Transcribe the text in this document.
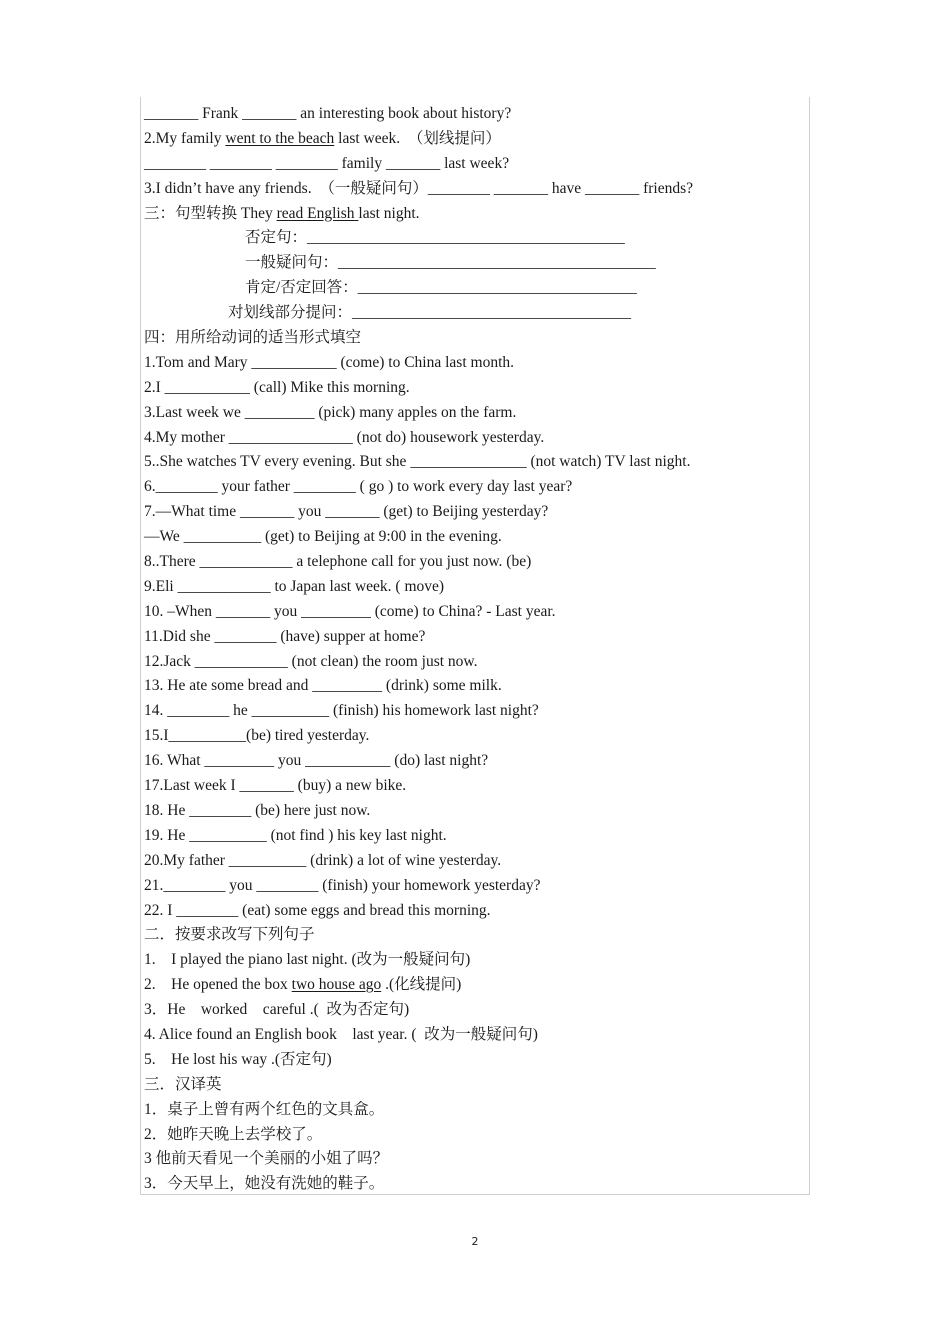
_______ Frank _______ an interesting book about history?
2.My family went to the beach last week.  （划线提问）
________ ________ ________ family _______ last week?
3.I didn’t have any friends.  （一般疑问句）________ _______ have _______ friends?
三：句型转换 They read English last night.
否定句：_________________________________________
一般疑问句：_________________________________________
肯定/否定回答：____________________________________
对划线部分提问：____________________________________
四：用所给动词的适当形式填空
1.Tom and Mary ___________ (come) to China last month.
2.I ___________ (call) Mike this morning.
3.Last week we _________ (pick) many apples on the farm.
4.My mother ________________ (not do) housework yesterday.
5..She watches TV every evening. But she _______________ (not watch) TV last night.
6.________ your father ________ ( go ) to work every day last year?
7.—What time _______ you _______ (get) to Beijing yesterday?
—We __________ (get) to Beijing at 9:00 in the evening.
8..There ____________ a telephone call for you just now. (be)
9.Eli ____________ to Japan last week. ( move)
10. –When _______ you _________ (come) to China? - Last year.
11.Did she ________ (have) supper at home?
12.Jack ____________ (not clean) the room just now.
13. He ate some bread and _________ (drink) some milk.
14. ________ he __________ (finish) his homework last night?
15.I__________(be) tired yesterday.
16. What _________ you ___________ (do) last night?
17.Last week I _______ (buy) a new bike.
18. He ________ (be) here just now.
19. He __________ (not find ) his key last night.
20.My father __________ (drink) a lot of wine yesterday.
21.________ you ________ (finish) your homework yesterday?
22. I ________ (eat) some eggs and bread this morning.
二．按要求改写下列句子
1.    I played the piano last night. (改为一般疑问句)
2.    He opened the box two house ago .(化线提问)
3．He    worked    careful .(  改为否定句)
4. Alice found an English book    last year. (  改为一般疑问句)
5.    He lost his way .(否定句)
三．汉译英
1．桌子上曾有两个红色的文具盒。
2．她昨天晚上去学校了。
3 他前天看见一个美丽的小姐了吗？
3．今天早上，她没有洗她的鞋子。
2
